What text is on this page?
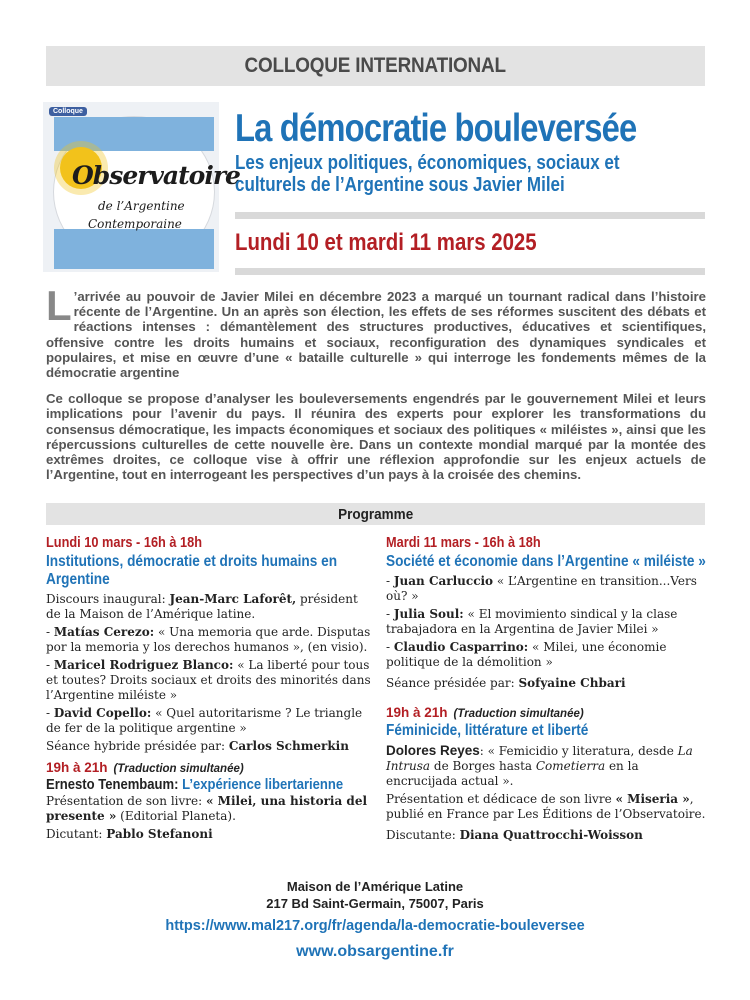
COLLOQUE INTERNATIONAL
Colloque
Observatoire
de l’Argentine
Contemporaine
La démocratie bouleversée
Les enjeux politiques, économiques, sociaux et culturels de l’Argentine sous Javier Milei
Lundi 10 et mardi 11 mars 2025

L ’arrivée au pouvoir de Javier Milei en décembre 2023 a marqué un tournant radical dans l’histoire récente de l’Argentine. Un an après son élection, les effets de ses réformes suscitent des débats et réactions intenses : démantèlement des structures productives, éducatives et scientifiques, offensive contre les droits humains et sociaux, reconfiguration des dynamiques syndicales et populaires, et mise en œuvre d’une « bataille culturelle » qui interroge les fondements mêmes de la démocratie argentine

Ce colloque se propose d’analyser les bouleversements engendrés par le gouvernement Milei et leurs implications pour l’avenir du pays. Il réunira des experts pour explorer les transformations du consensus démocratique, les impacts économiques et sociaux des politiques « miléistes », ainsi que les répercussions culturelles de cette nouvelle ère. Dans un contexte mondial marqué par la montée des extrêmes droites, ce colloque vise à offrir une réflexion approfondie sur les enjeux actuels de l’Argentine, tout en interrogeant les perspectives d’un pays à la croisée des chemins.

Programme

Lundi 10 mars - 16h à 18h

Institutions, démocratie et droits humains en Argentine

Discours inaugural: Jean-Marc Laforêt, président de la Maison de l’Amérique latine.

- Matías Cerezo: « Una memoria que arde. Disputas por la memoria y los derechos humanos », (en visio).

- Maricel Rodriguez Blanco: « La liberté pour tous et toutes? Droits sociaux et droits des minorités dans l’Argentine miléiste »

- David Copello: « Quel autoritarisme ? Le triangle de fer de la politique argentine »

Séance hybride présidée par: Carlos Schmerkin

19h à 21h (Traduction simultanée)

Ernesto Tenembaum: L’expérience libertarienne

Présentation de son livre: « Milei, una historia del presente » (Editorial Planeta).

Dicutant: Pablo Stefanoni

Mardi 11 mars - 16h à 18h

Société et économie dans l’Argentine « miléiste »

- Juan Carluccio « L’Argentine en transition...Vers où? »

- Julia Soul: « El movimiento sindical y la clase trabajadora en la Argentina de Javier Milei »

- Claudio Casparrino: « Milei, une économie politique de la démolition »

Séance présidée par: Sofyaine Chbari

19h à 21h (Traduction simultanée)

Féminicide, littérature et liberté

Dolores Reyes: « Femicidio y literatura, desde La Intrusa de Borges hasta Cometierra en la encrucijada actual ».

Présentation et dédicace de son livre « Miseria », publié en France par Les Éditions de l’Observatoire.

Discutante: Diana Quattrocchi-Woisson

Maison de l’Amérique Latine
217 Bd Saint-Germain, 75007, Paris
https://www.mal217.org/fr/agenda/la-democratie-bouleversee
www.obsargentine.fr
